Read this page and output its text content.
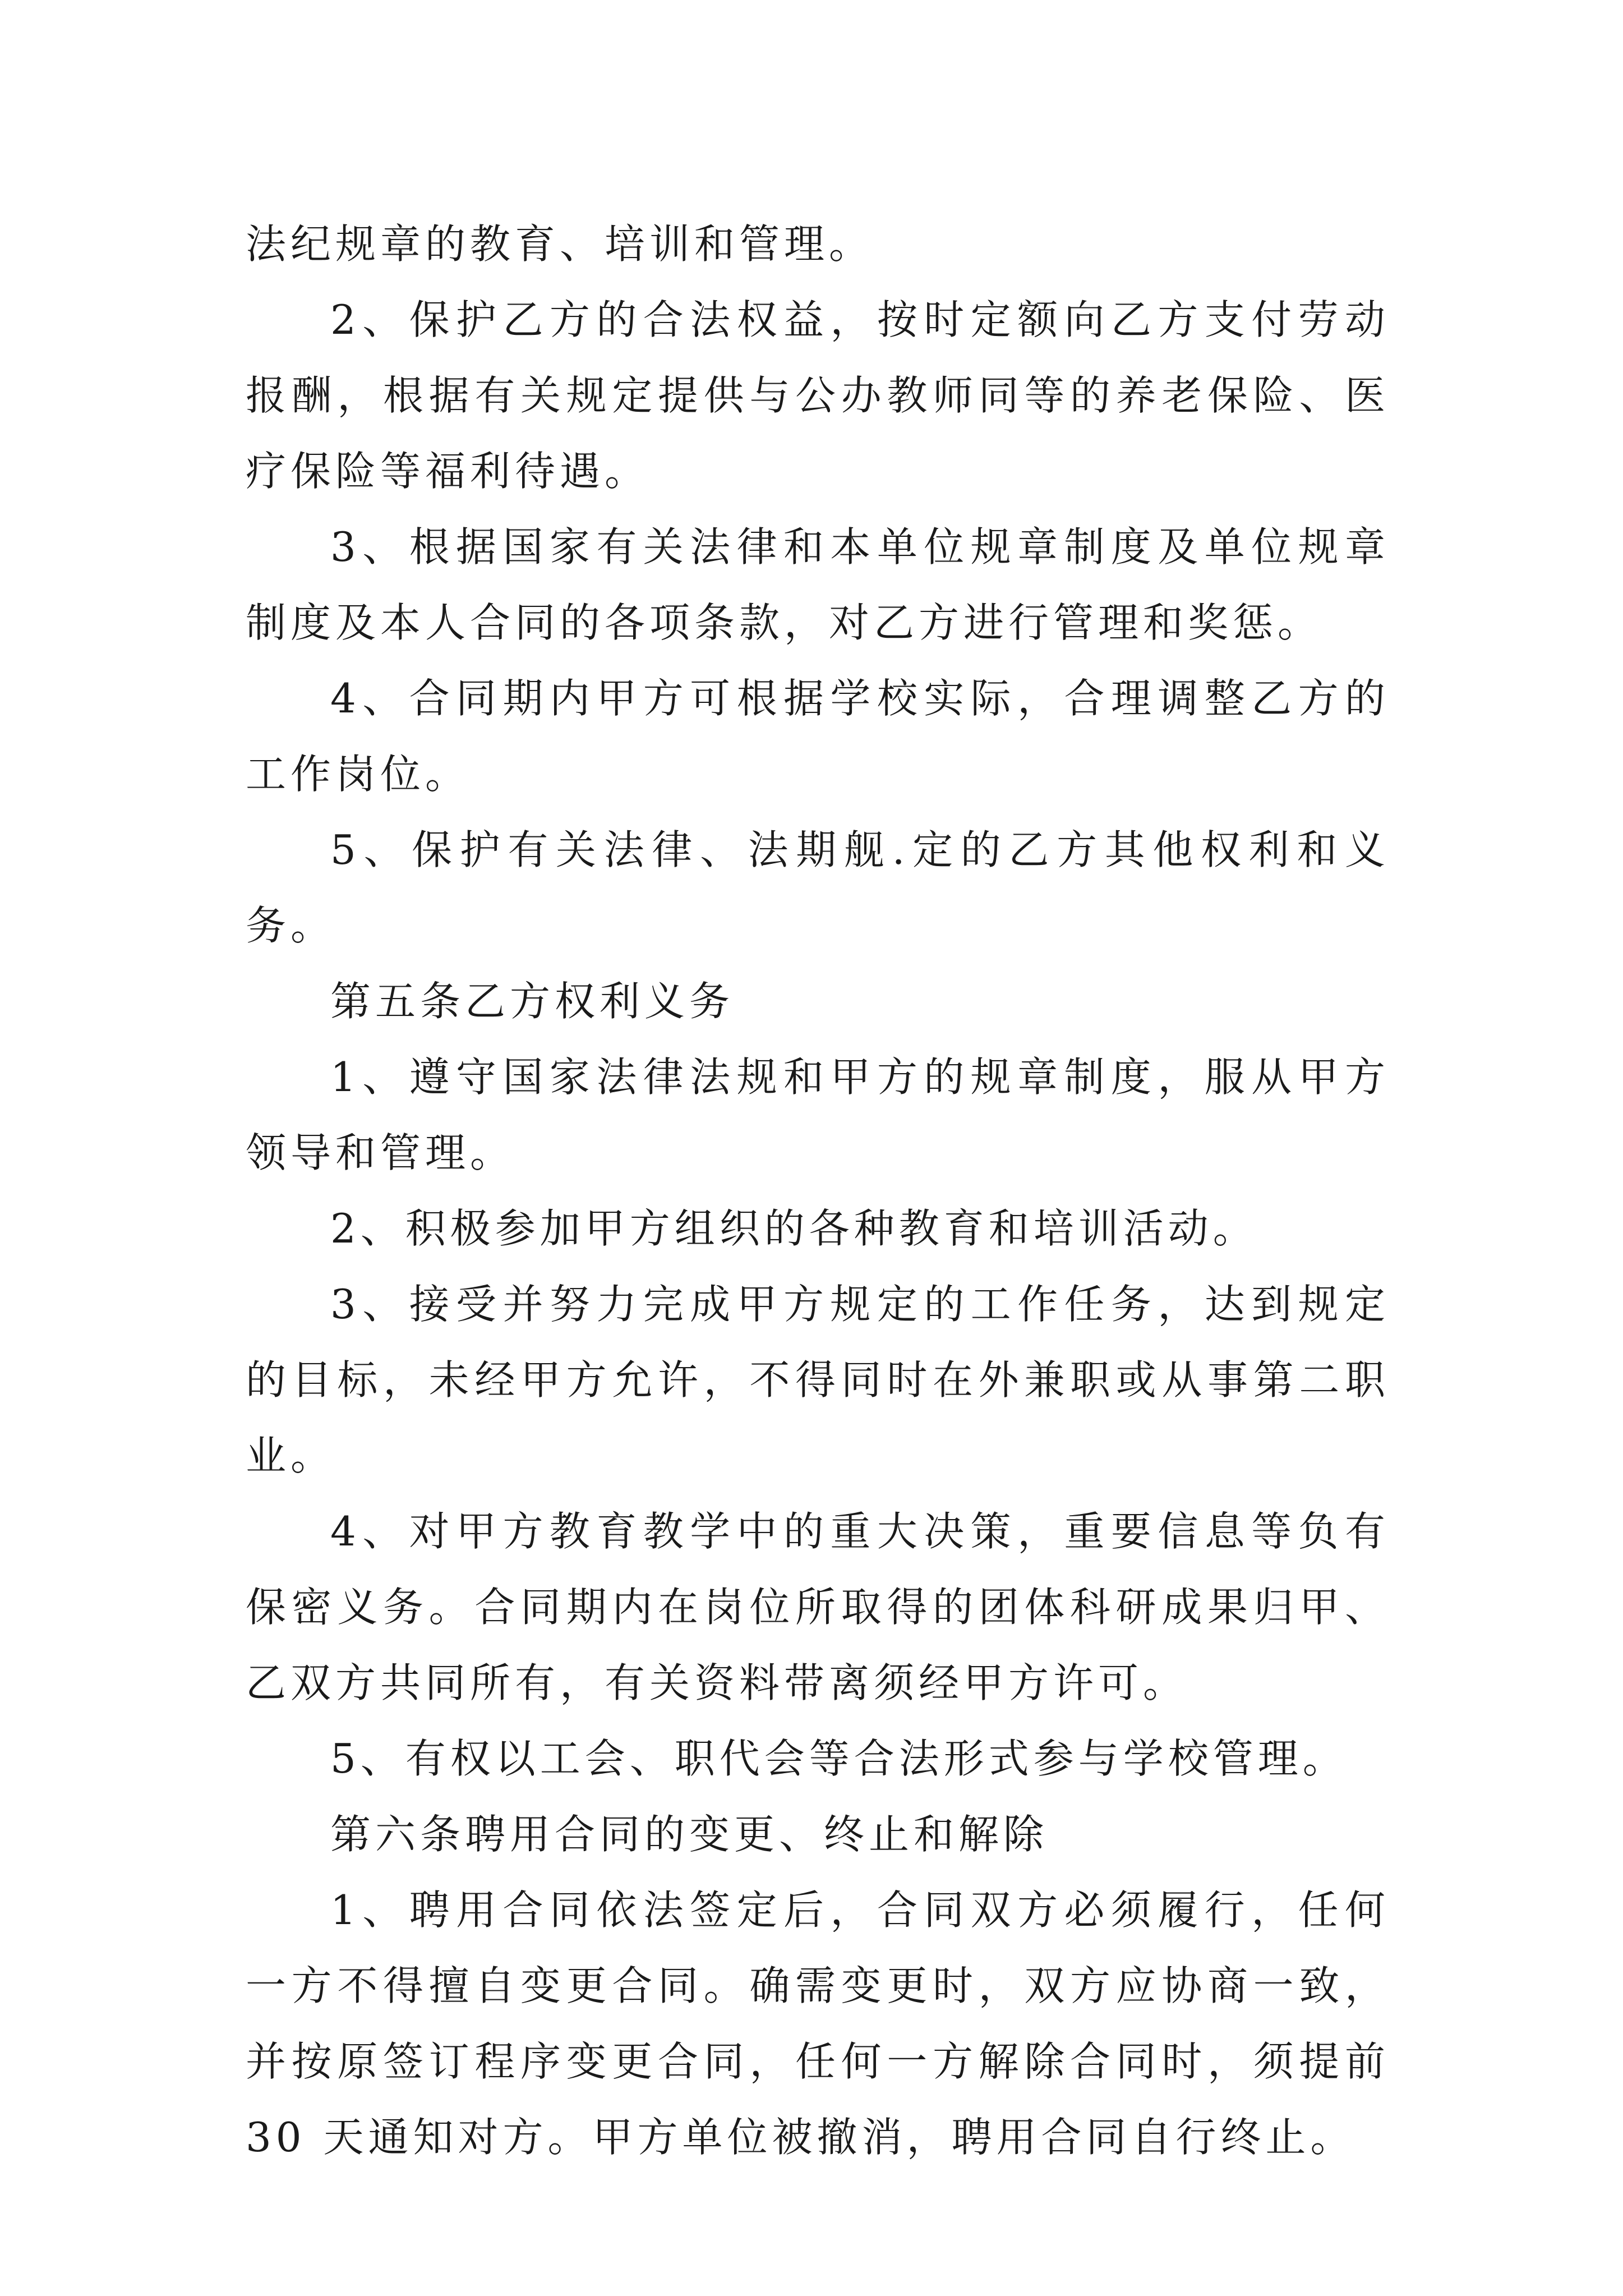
法纪规章的教育、培训和管理。

2、保护乙方的合法权益，按时定额向乙方支付劳动报酬，根据有关规定提供与公办教师同等的养老保险、医疗保险等福利待遇。

3、根据国家有关法律和本单位规章制度及单位规章制度及本人合同的各项条款，对乙方进行管理和奖惩。

4、合同期内甲方可根据学校实际，合理调整乙方的工作岗位。

5、保护有关法律、法期舰.定的乙方其他权利和义务。

第五条乙方权利义务

1、遵守国家法律法规和甲方的规章制度，服从甲方领导和管理。

2、积极参加甲方组织的各种教育和培训活动。

3、接受并努力完成甲方规定的工作任务，达到规定的目标，未经甲方允许，不得同时在外兼职或从事第二职业。

4、对甲方教育教学中的重大决策，重要信息等负有保密义务。合同期内在岗位所取得的团体科研成果归甲、乙双方共同所有，有关资料带离须经甲方许可。

5、有权以工会、职代会等合法形式参与学校管理。

第六条聘用合同的变更、终止和解除

1、聘用合同依法签定后，合同双方必须履行，任何一方不得擅自变更合同。确需变更时，双方应协商一致，并按原签订程序变更合同，任何一方解除合同时，须提前 30 天通知对方。甲方单位被撤消，聘用合同自行终止。
